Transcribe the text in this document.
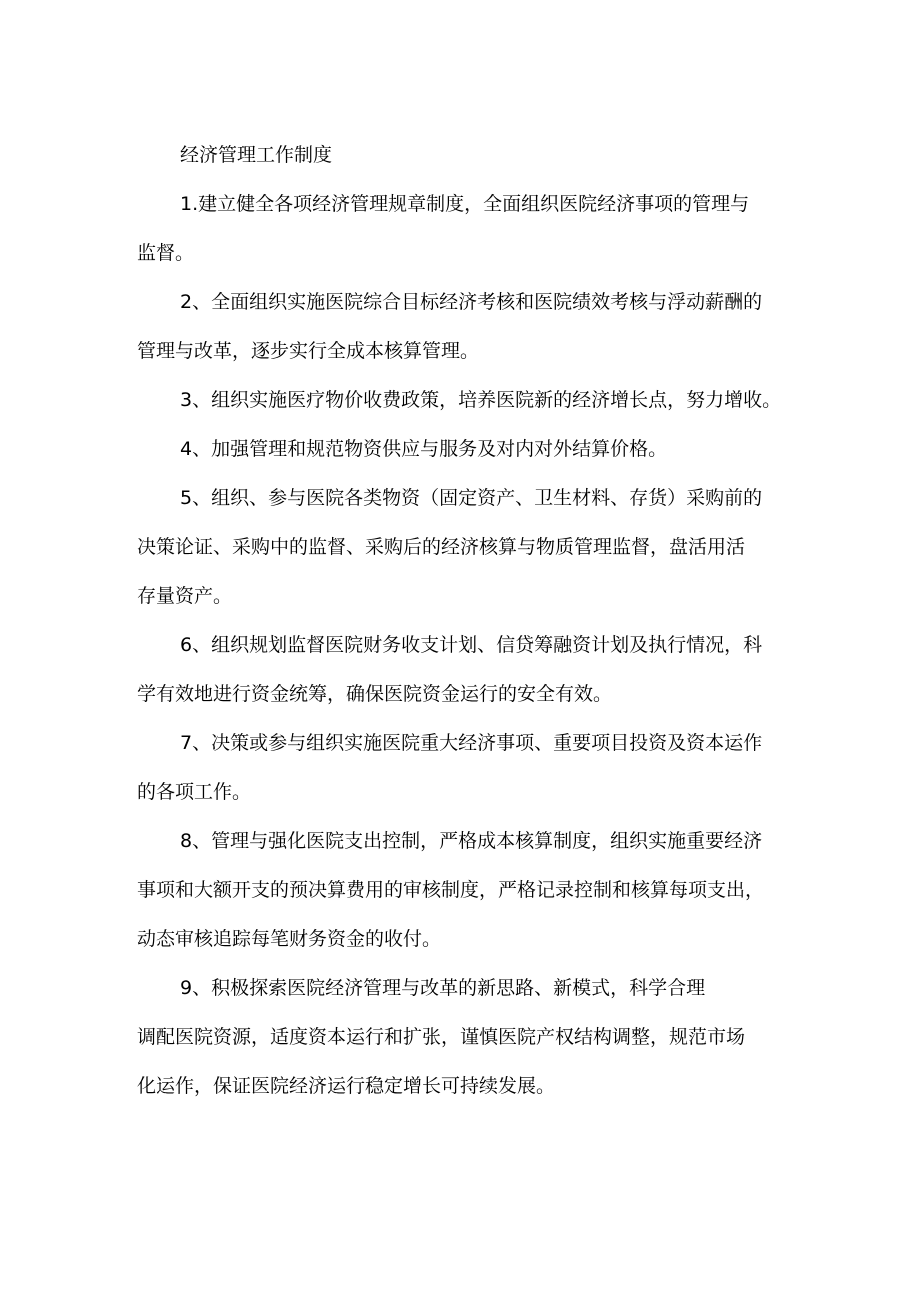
经济管理工作制度
1.建立健全各项经济管理规章制度，全面组织医院经济事项的管理与
监督。
2、全面组织实施医院综合目标经济考核和医院绩效考核与浮动薪酬的
管理与改革，逐步实行全成本核算管理。
3、组织实施医疗物价收费政策，培养医院新的经济增长点，努力增收。
4、加强管理和规范物资供应与服务及对内对外结算价格。
5、组织、参与医院各类物资（固定资产、卫生材料、存货）采购前的
决策论证、采购中的监督、采购后的经济核算与物质管理监督，盘活用活
存量资产。
6、组织规划监督医院财务收支计划、信贷筹融资计划及执行情况，科
学有效地进行资金统筹，确保医院资金运行的安全有效。
7、决策或参与组织实施医院重大经济事项、重要项目投资及资本运作
的各项工作。
8、管理与强化医院支出控制，严格成本核算制度，组织实施重要经济
事项和大额开支的预决算费用的审核制度，严格记录控制和核算每项支出，
动态审核追踪每笔财务资金的收付。
9、积极探索医院经济管理与改革的新思路、新模式，科学合理
调配医院资源，适度资本运行和扩张，谨慎医院产权结构调整，规范市场
化运作，保证医院经济运行稳定增长可持续发展。
